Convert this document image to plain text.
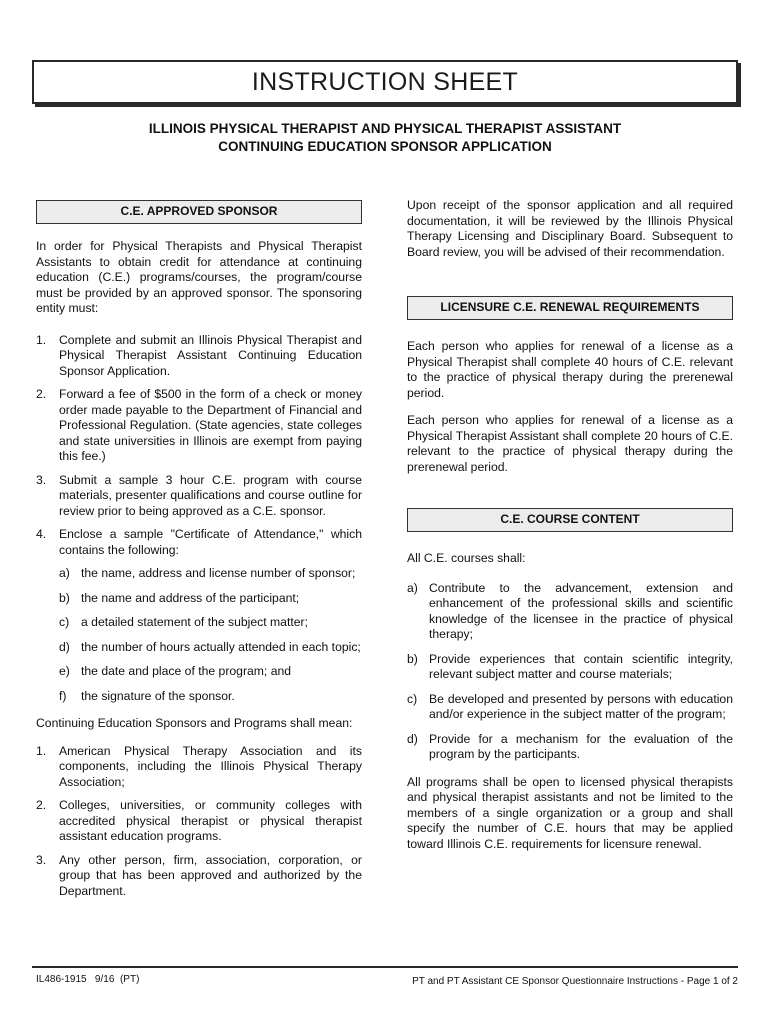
INSTRUCTION SHEET
ILLINOIS PHYSICAL THERAPIST AND PHYSICAL THERAPIST ASSISTANT
CONTINUING EDUCATION SPONSOR APPLICATION
C.E. APPROVED SPONSOR

In order for Physical Therapists and Physical Therapist Assistants to obtain credit for attendance at continuing education (C.E.) programs/courses, the program/course must be provided by an approved sponsor. The sponsoring entity must:

1.	Complete and submit an Illinois Physical Therapist and Physical Therapist Assistant Continuing Education Sponsor Application.
2.	Forward a fee of $500 in the form of a check or money order made payable to the Department of Financial and Professional Regulation. (State agencies, state colleges and state universities in Illinois are exempt from paying this fee.)
3.	Submit a sample 3 hour C.E. program with course materials, presenter qualifications and course outline for review prior to being approved as a C.E. sponsor.
4.	Enclose a sample "Certificate of Attendance," which contains the following:
a) the name, address and license number of sponsor;
b) the name and address of the participant;
c) a detailed statement of the subject matter;
d) the number of hours actually attended in each topic;
e) the date and place of the program; and
f)	the signature of the sponsor.

Continuing Education Sponsors and Programs shall mean:

1.	American Physical Therapy Association and its components, including the Illinois Physical Therapy Association;
2.	Colleges, universities, or community colleges with accredited physical therapist or physical therapist assistant education programs.
3.	Any other person, firm, association, corporation, or group that has been approved and authorized by the Department.

Upon receipt of the sponsor application and all required documentation, it will be reviewed by the Illinois Physical Therapy Licensing and Disciplinary Board. Subsequent to Board review, you will be advised of their recommendation.

LICENSURE C.E. RENEWAL REQUIREMENTS

Each person who applies for renewal of a license as a Physical Therapist shall complete 40 hours of C.E. relevant to the practice of physical therapy during the prerenewal period.

Each person who applies for renewal of a license as a Physical Therapist Assistant shall complete 20 hours of C.E. relevant to the practice of physical therapy during the prerenewal period.

C.E. COURSE CONTENT

All C.E. courses shall:

a) Contribute to the advancement, extension and enhancement of the professional skills and scientific knowledge of the licensee in the practice of physical therapy;
b) Provide experiences that contain scientific integrity, relevant subject matter and course materials;
c) Be developed and presented by persons with education and/or experience in the subject matter of the program;
d) Provide for a mechanism for the evaluation of the program by the participants.

All programs shall be open to licensed physical therapists and physical therapist assistants and not be limited to the members of a single organization or a group and shall specify the number of C.E. hours that may be applied toward Illinois C.E. requirements for licensure renewal.

IL486-1915   9/16  (PT)	PT and PT Assistant CE Sponsor Questionnaire Instructions - Page 1 of 2
